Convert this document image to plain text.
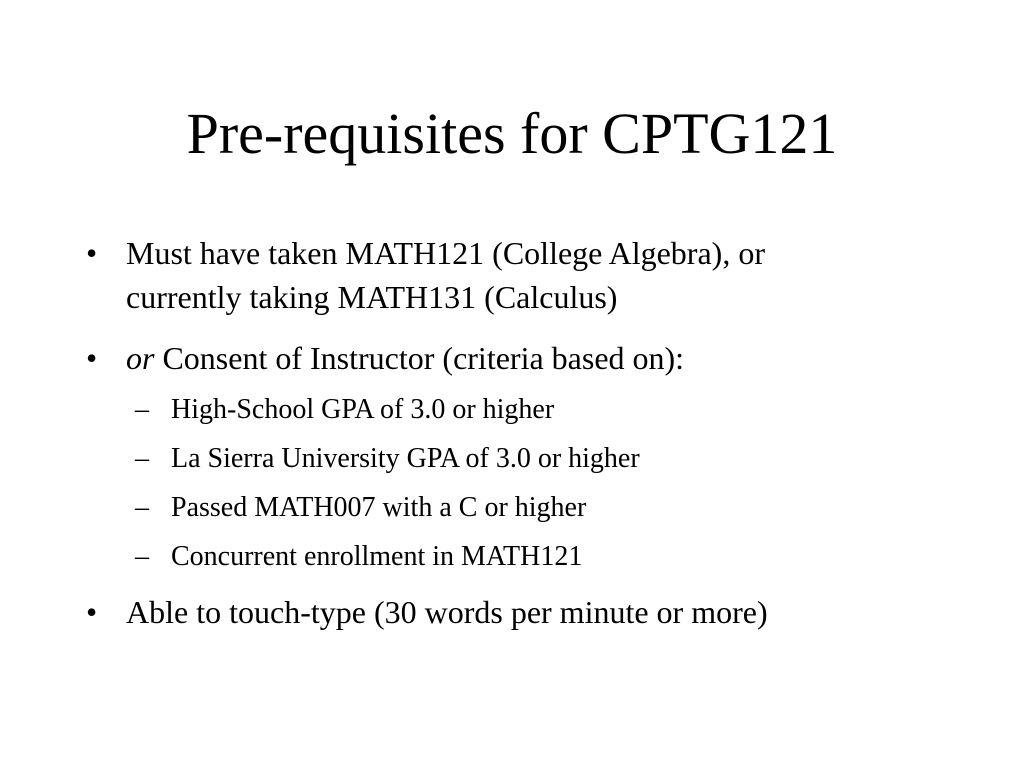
Pre-requisites for CPTG121
• Must have taken MATH121 (College Algebra), or
currently taking MATH131 (Calculus)
• or Consent of Instructor (criteria based on):
– High-School GPA of 3.0 or higher
– La Sierra University GPA of 3.0 or higher
– Passed MATH007 with a C or higher
– Concurrent enrollment in MATH121
• Able to touch-type (30 words per minute or more)
